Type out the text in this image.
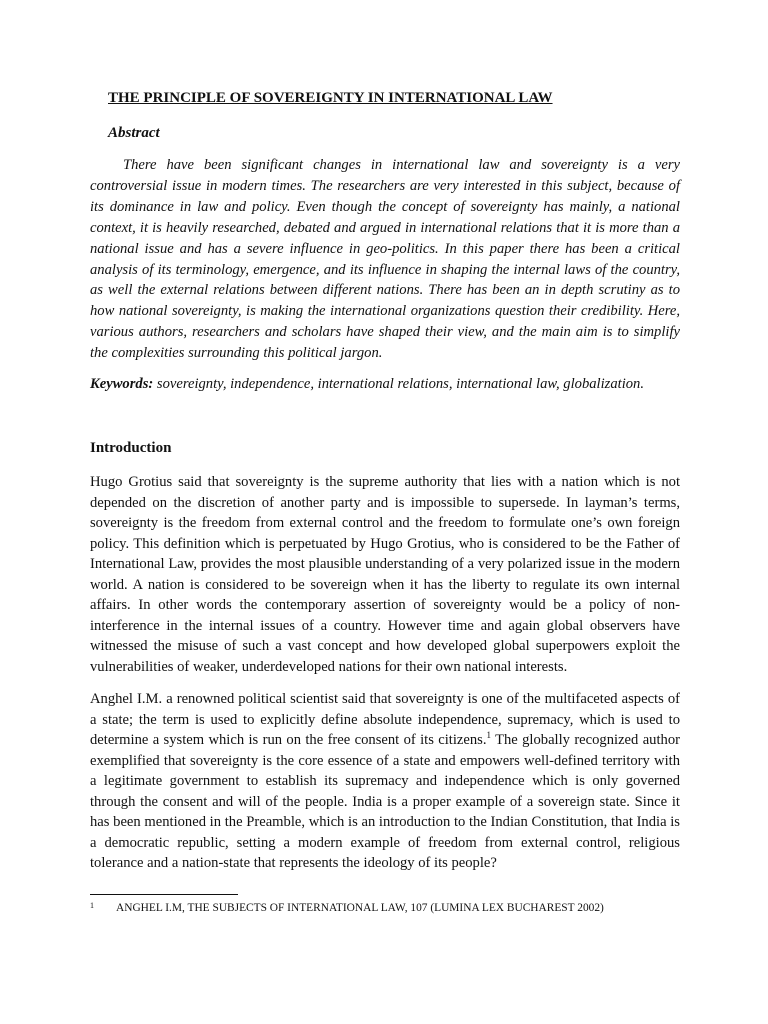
THE PRINCIPLE OF SOVEREIGNTY IN INTERNATIONAL LAW
Abstract

There have been significant changes in international law and sovereignty is a very controversial issue in modern times. The researchers are very interested in this subject, because of its dominance in law and policy. Even though the concept of sovereignty has mainly, a national context, it is heavily researched, debated and argued in international relations that it is more than a national issue and has a severe influence in geo-politics. In this paper there has been a critical analysis of its terminology, emergence, and its influence in shaping the internal laws of the country, as well the external relations between different nations. There has been an in depth scrutiny as to how national sovereignty, is making the international organizations question their credibility. Here, various authors, researchers and scholars have shaped their view, and the main aim is to simplify the complexities surrounding this political jargon.

Keywords: sovereignty, independence, international relations, international law, globalization.

Introduction

Hugo Grotius said that sovereignty is the supreme authority that lies with a nation which is not depended on the discretion of another party and is impossible to supersede. In layman’s terms, sovereignty is the freedom from external control and the freedom to formulate one’s own foreign policy. This definition which is perpetuated by Hugo Grotius, who is considered to be the Father of International Law, provides the most plausible understanding of a very polarized issue in the modern world. A nation is considered to be sovereign when it has the liberty to regulate its own internal affairs. In other words the contemporary assertion of sovereignty would be a policy of non-interference in the internal issues of a country. However time and again global observers have witnessed the misuse of such a vast concept and how developed global superpowers exploit the vulnerabilities of weaker, underdeveloped nations for their own national interests.

Anghel I.M. a renowned political scientist said that sovereignty is one of the multifaceted aspects of a state; the term is used to explicitly define absolute independence, supremacy, which is used to determine a system which is run on the free consent of its citizens.$^1$ The globally recognized author exemplified that sovereignty is the core essence of a state and empowers well-defined territory with a legitimate government to establish its supremacy and independence which is only governed through the consent and will of the people. India is a proper example of a sovereign state. Since it has been mentioned in the Preamble, which is an introduction to the Indian Constitution, that India is a democratic republic, setting a modern example of freedom from external control, religious tolerance and a nation-state that represents the ideology of its people?

1 ANGHEL I.M, THE SUBJECTS OF INTERNATIONAL LAW, 107 (LUMINA LEX BUCHAREST 2002)
